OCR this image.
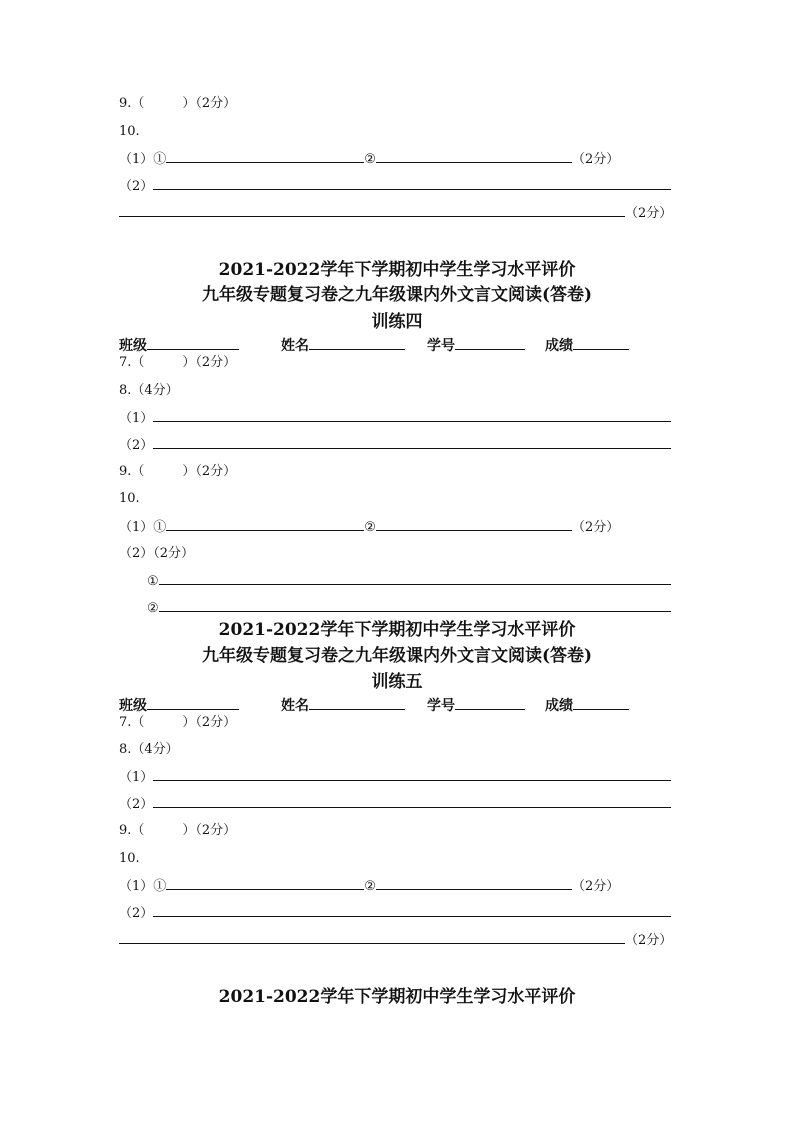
9.（	）（2分）
10.
（1）①	②	（2分）
（2）
（2分）
2021-2022学年下学期初中学生学习水平评价
九年级专题复习卷之九年级课内外文言文阅读(答卷)
训练四
班级	姓名	学号	成绩
7.（	）（2分）
8.（4分）
（1）
（2）
9.（	）（2分）
10.
（1）①	②	（2分）
（2）（2分）
①
②
2021-2022学年下学期初中学生学习水平评价
九年级专题复习卷之九年级课内外文言文阅读(答卷)
训练五
班级	姓名	学号	成绩
7.（	）（2分）
8.（4分）
（1）
（2）
9.（	）（2分）
10.
（1）①	②	（2分）
（2）
（2分）
2021-2022学年下学期初中学生学习水平评价
